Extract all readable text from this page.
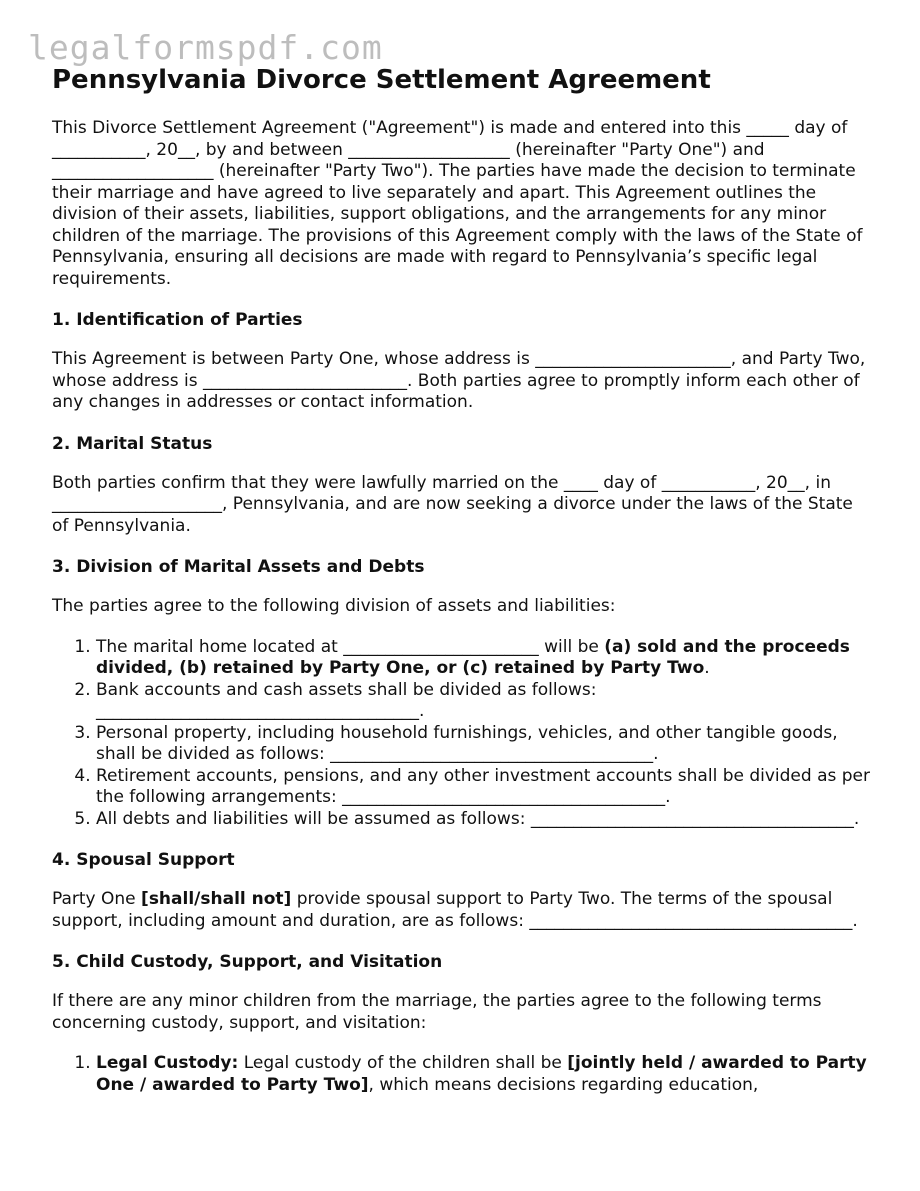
legalformspdf.com
Pennsylvania Divorce Settlement Agreement

This Divorce Settlement Agreement ("Agreement") is made and entered into this _____ day of ___________, 20__, by and between ___________________ (hereinafter "Party One") and ___________________ (hereinafter "Party Two"). The parties have made the decision to terminate their marriage and have agreed to live separately and apart. This Agreement outlines the division of their assets, liabilities, support obligations, and the arrangements for any minor children of the marriage. The provisions of this Agreement comply with the laws of the State of Pennsylvania, ensuring all decisions are made with regard to Pennsylvania’s specific legal requirements.

1. Identification of Parties

This Agreement is between Party One, whose address is _______________________, and Party Two, whose address is ________________________. Both parties agree to promptly inform each other of any changes in addresses or contact information.

2. Marital Status

Both parties confirm that they were lawfully married on the ____ day of ___________, 20__, in ____________________, Pennsylvania, and are now seeking a divorce under the laws of the State of Pennsylvania.

3. Division of Marital Assets and Debts

The parties agree to the following division of assets and liabilities:

1. The marital home located at _______________________ will be (a) sold and the proceeds divided, (b) retained by Party One, or (c) retained by Party Two.
2. Bank accounts and cash assets shall be divided as follows: ______________________________________.
3. Personal property, including household furnishings, vehicles, and other tangible goods, shall be divided as follows: ______________________________________.
4. Retirement accounts, pensions, and any other investment accounts shall be divided as per the following arrangements: ______________________________________.
5. All debts and liabilities will be assumed as follows: ______________________________________.
4. Spousal Support

Party One [shall/shall not] provide spousal support to Party Two. The terms of the spousal support, including amount and duration, are as follows: ______________________________________.

5. Child Custody, Support, and Visitation

If there are any minor children from the marriage, the parties agree to the following terms concerning custody, support, and visitation:

1. Legal Custody: Legal custody of the children shall be [jointly held / awarded to Party One / awarded to Party Two], which means decisions regarding education,
